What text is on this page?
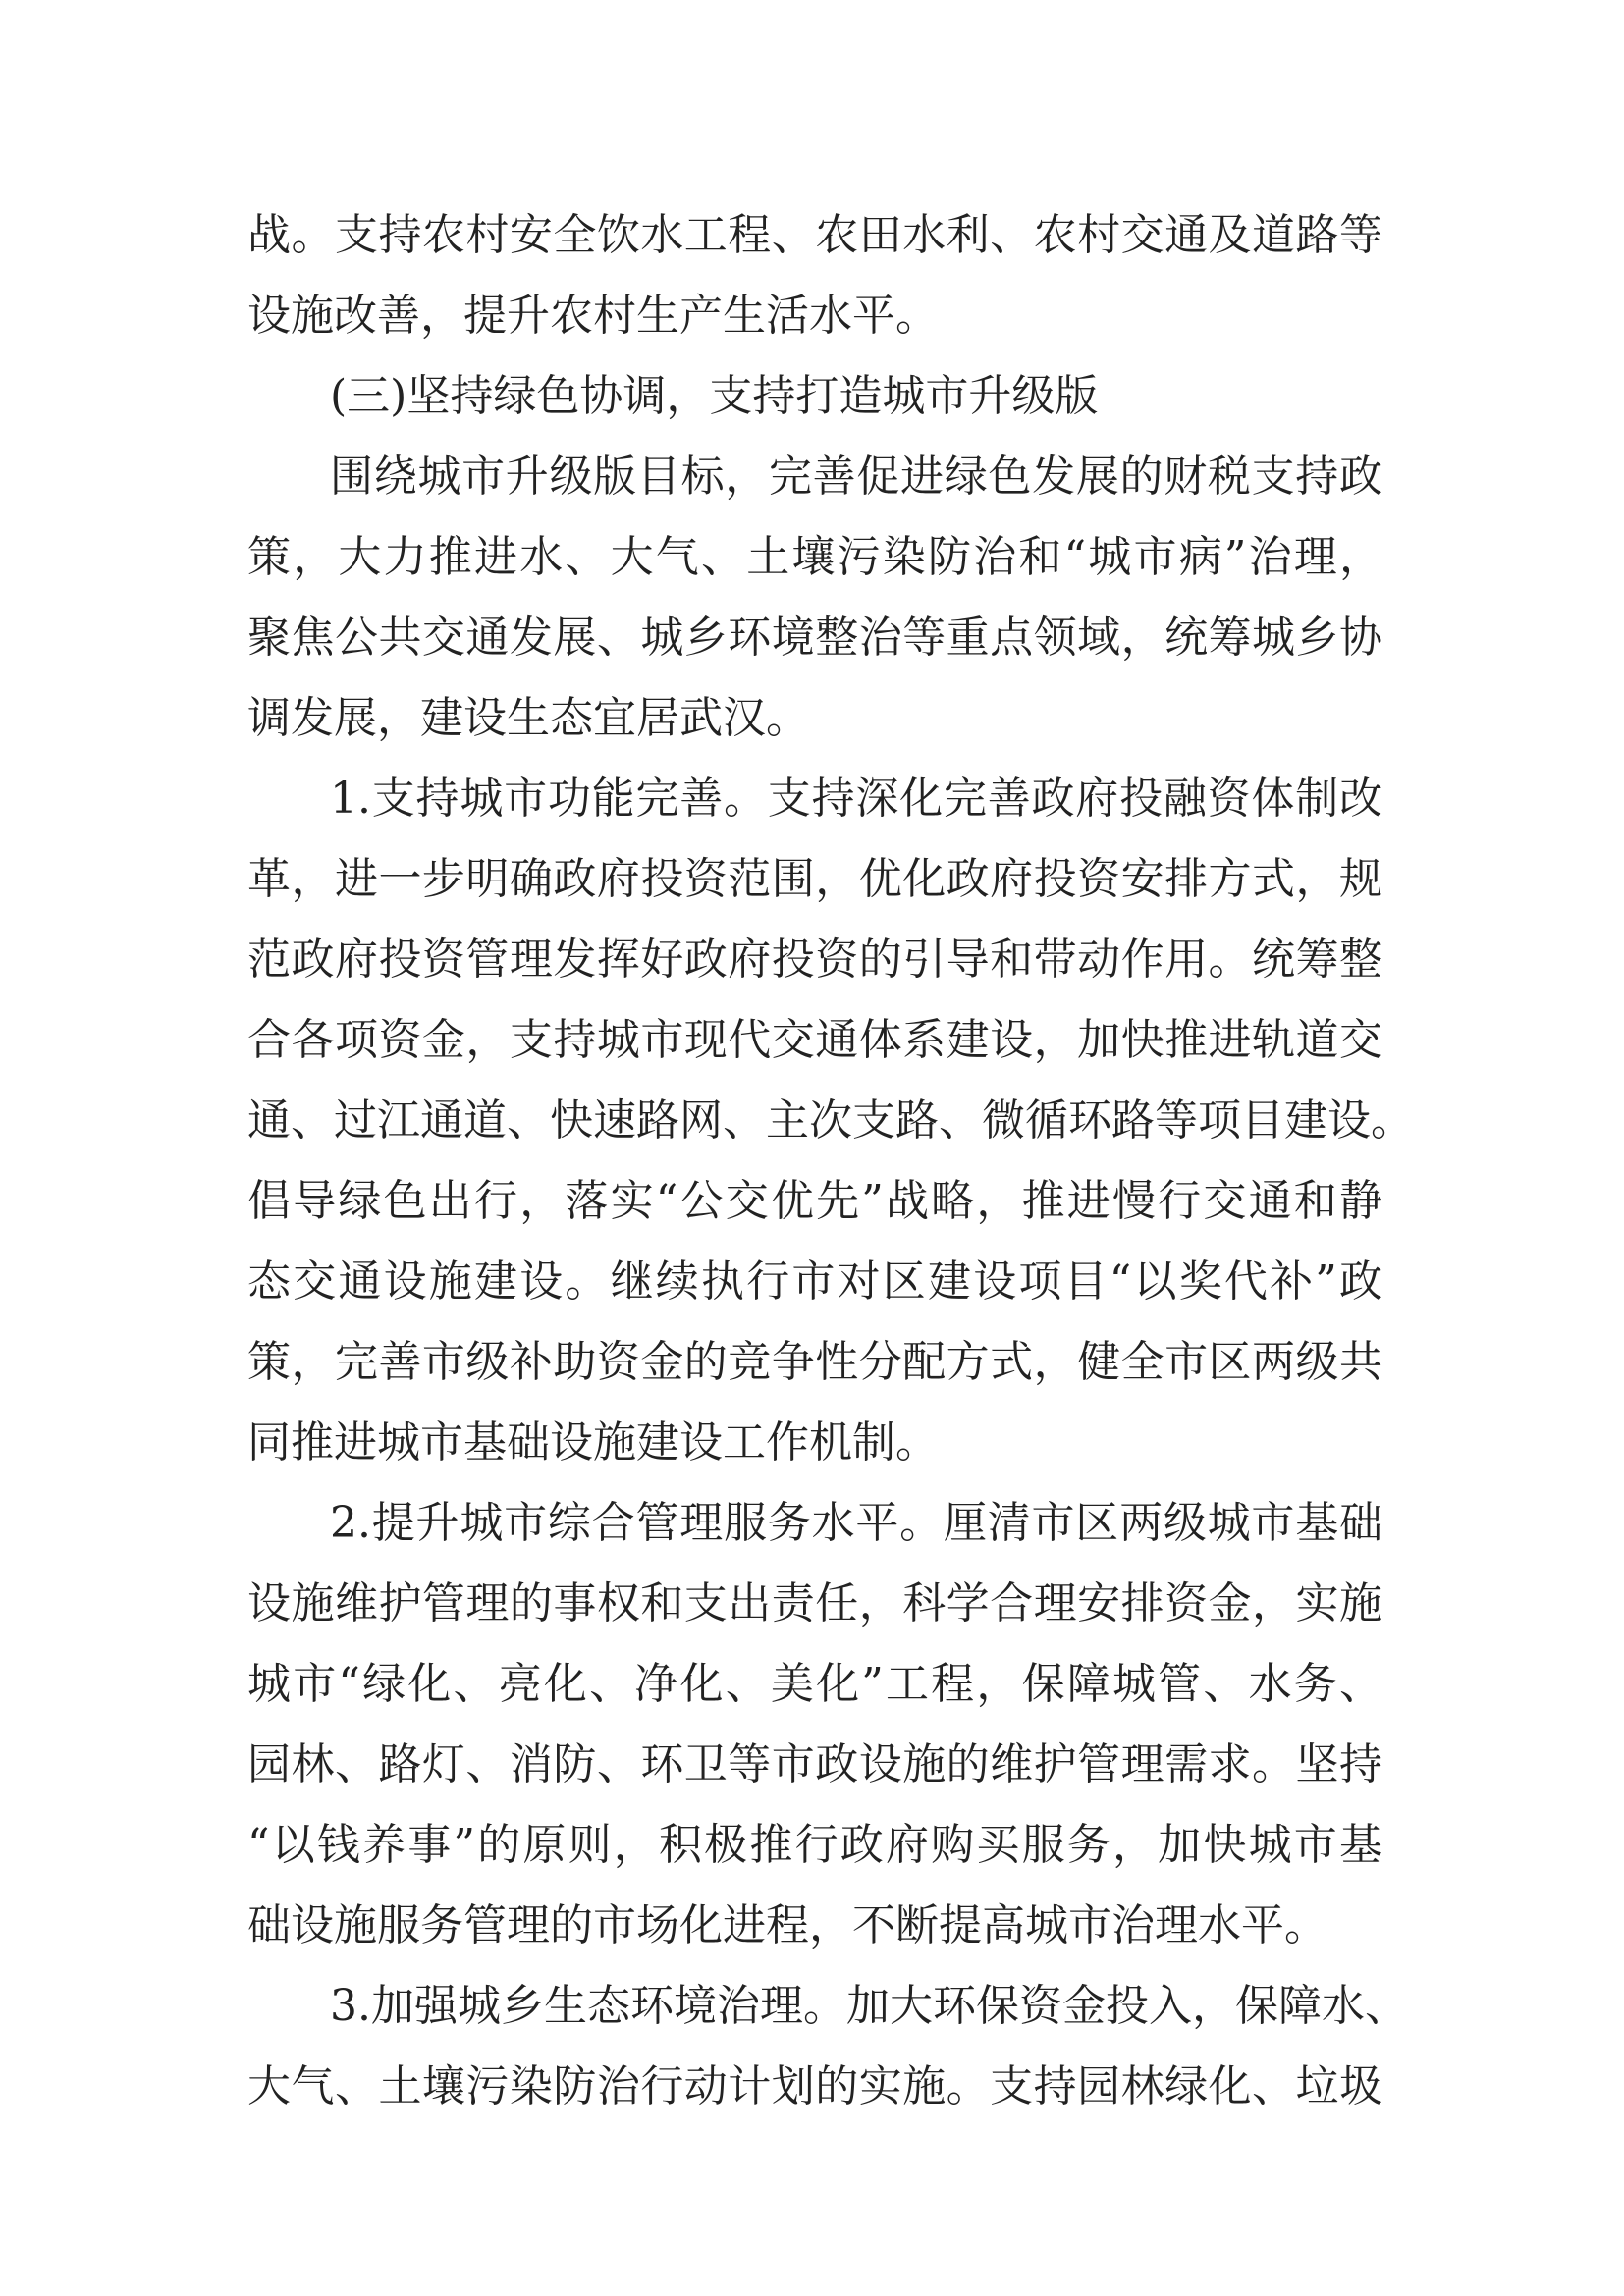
战。支持农村安全饮水工程、农田水利、农村交通及道路等
设施改善，提升农村生产生活水平。
(三)坚持绿色协调，支持打造城市升级版
围绕城市升级版目标，完善促进绿色发展的财税支持政
策，大力推进水、大气、土壤污染防治和“城市病”治理，
聚焦公共交通发展、城乡环境整治等重点领域，统筹城乡协
调发展，建设生态宜居武汉。
1.支持城市功能完善。支持深化完善政府投融资体制改
革，进一步明确政府投资范围，优化政府投资安排方式，规
范政府投资管理发挥好政府投资的引导和带动作用。统筹整
合各项资金，支持城市现代交通体系建设，加快推进轨道交
通、过江通道、快速路网、主次支路、微循环路等项目建设。
倡导绿色出行，落实“公交优先”战略，推进慢行交通和静
态交通设施建设。继续执行市对区建设项目“以奖代补”政
策，完善市级补助资金的竞争性分配方式，健全市区两级共
同推进城市基础设施建设工作机制。
2.提升城市综合管理服务水平。厘清市区两级城市基础
设施维护管理的事权和支出责任，科学合理安排资金，实施
城市“绿化、亮化、净化、美化”工程，保障城管、水务、
园林、路灯、消防、环卫等市政设施的维护管理需求。坚持
“以钱养事”的原则，积极推行政府购买服务，加快城市基
础设施服务管理的市场化进程，不断提高城市治理水平。
3.加强城乡生态环境治理。加大环保资金投入，保障水、
大气、土壤污染防治行动计划的实施。支持园林绿化、垃圾
